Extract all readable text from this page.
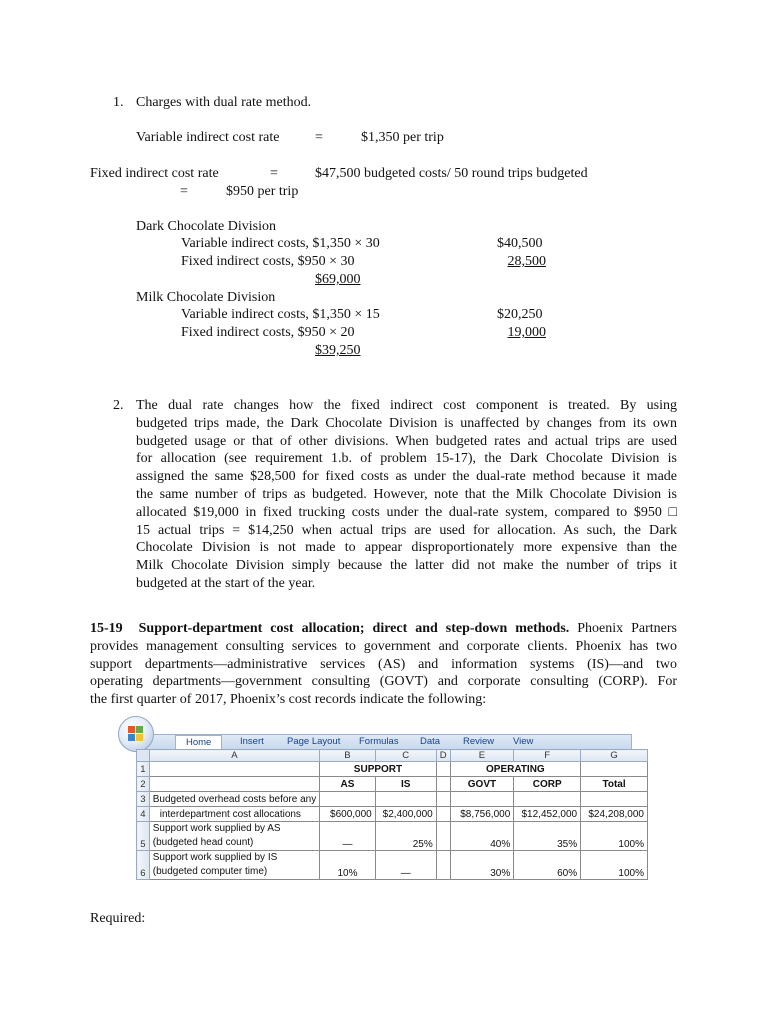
1. Charges with dual rate method.
Variable indirect cost rate	=	$1,350 per trip
Fixed indirect cost rate	=	$47,500 budgeted costs/ 50 round trips budgeted
=	$950 per trip
Dark Chocolate Division
Variable indirect costs, $1,350 × 30	$40,500
Fixed indirect costs, $950 × 30	28,500
$69,000
Milk Chocolate Division
Variable indirect costs, $1,350 × 15	$20,250
Fixed indirect costs, $950 × 20	19,000
$39,250
2. The dual rate changes how the fixed indirect cost component is treated. By using
budgeted trips made, the Dark Chocolate Division is unaffected by changes from its own
budgeted usage or that of other divisions. When budgeted rates and actual trips are used
for allocation (see requirement 1.b. of problem 15-17), the Dark Chocolate Division is
assigned the same $28,500 for fixed costs as under the dual-rate method because it made
the same number of trips as budgeted. However, note that the Milk Chocolate Division is
allocated $19,000 in fixed trucking costs under the dual-rate system, compared to $950 □
15 actual trips = $14,250 when actual trips are used for allocation. As such, the Dark
Chocolate Division is not made to appear disproportionately more expensive than the
Milk Chocolate Division simply because the latter did not make the number of trips it
budgeted at the start of the year.
15-19 Support-department cost allocation; direct and step-down methods. Phoenix Partners
provides management consulting services to government and corporate clients. Phoenix has two
support departments—administrative services (AS) and information systems (IS)—and two
operating departments—government consulting (GOVT) and corporate consulting (CORP). For
the first quarter of 2017, Phoenix’s cost records indicate the following:
Home	Insert Page Layout Formulas Data Review View
	A	B	C	D	E	F	G
1		SUPPORT			OPERATING		
2		AS	IS		GOVT	CORP	Total
3	Budgeted overhead costs before any						
4	interdepartment cost allocations	$600,000	$2,400,000		$8,756,000	$12,452,000	$24,208,000
5	Support work supplied by AS
(budgeted head count)	—	25%		40%	35%	100%
6	Support work supplied by IS
(budgeted computer time)	10%	—		30%	60%	100%
Required:
